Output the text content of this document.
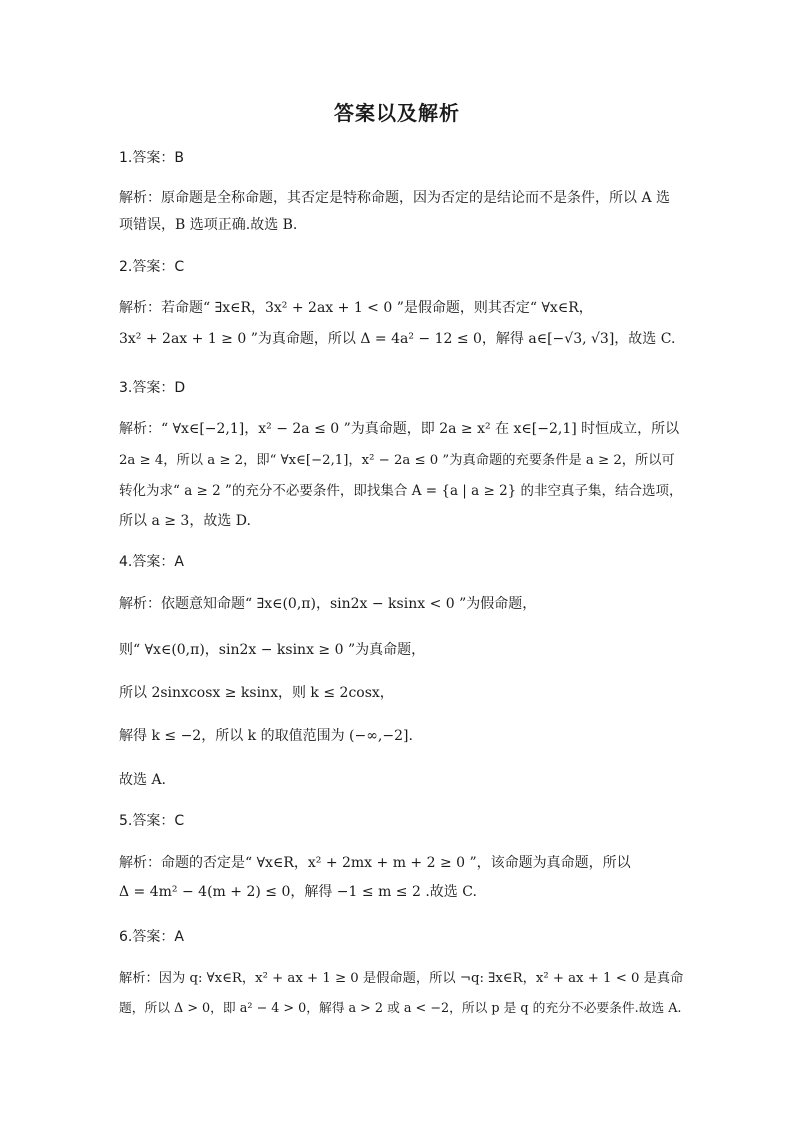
答案以及解析
1.答案：B
解析：原命题是全称命题，其否定是特称命题，因为否定的是结论而不是条件，所以 A 选
项错误，B 选项正确.故选 B.
2.答案：C
解析：若命题“ ∃x∈R，3x² + 2ax + 1 < 0 ”是假命题，则其否定“ ∀x∈R，
3x² + 2ax + 1 ≥ 0 ”为真命题，所以 Δ = 4a² − 12 ≤ 0，解得 a∈[−√3, √3]，故选 C.
3.答案：D
解析：“ ∀x∈[−2,1]，x² − 2a ≤ 0 ”为真命题，即 2a ≥ x² 在 x∈[−2,1] 时恒成立，所以
2a ≥ 4，所以 a ≥ 2，即“ ∀x∈[−2,1]，x² − 2a ≤ 0 ”为真命题的充要条件是 a ≥ 2，所以可
转化为求“ a ≥ 2 ”的充分不必要条件，即找集合 A = {a | a ≥ 2} 的非空真子集，结合选项，
所以 a ≥ 3，故选 D.
4.答案：A
解析：依题意知命题“ ∃x∈(0,π)，sin2x − ksinx < 0 ”为假命题，
则“ ∀x∈(0,π)，sin2x − ksinx ≥ 0 ”为真命题，
所以 2sinxcosx ≥ ksinx，则 k ≤ 2cosx，
解得 k ≤ −2，所以 k 的取值范围为 (−∞,−2].
故选 A.
5.答案：C
解析：命题的否定是“ ∀x∈R，x² + 2mx + m + 2 ≥ 0 ”，该命题为真命题，所以
Δ = 4m² − 4(m + 2) ≤ 0，解得 −1 ≤ m ≤ 2 .故选 C.
6.答案：A
解析：因为 q: ∀x∈R，x² + ax + 1 ≥ 0 是假命题，所以 ¬q: ∃x∈R，x² + ax + 1 < 0 是真命
题，所以 Δ > 0，即 a² − 4 > 0，解得 a > 2 或 a < −2，所以 p 是 q 的充分不必要条件.故选 A.
